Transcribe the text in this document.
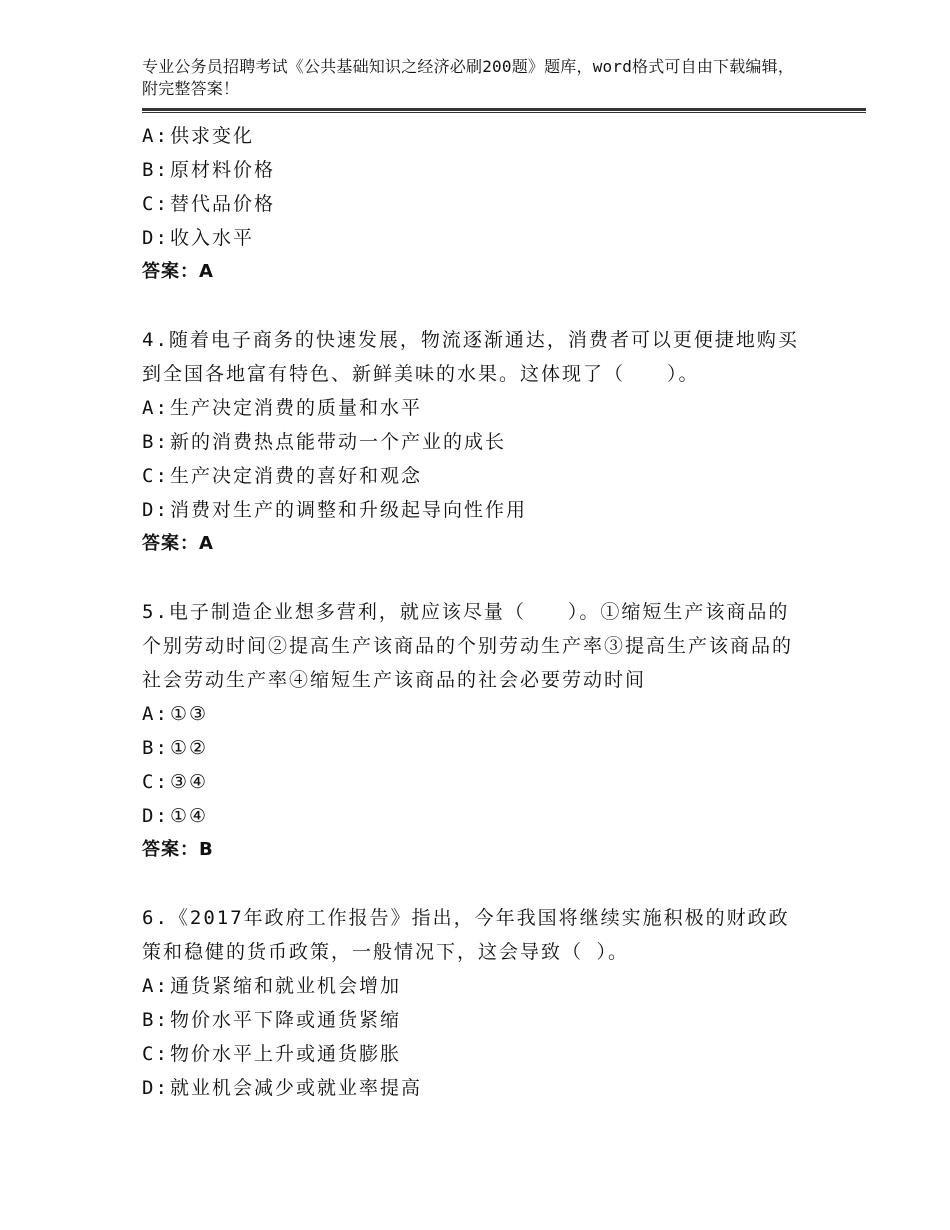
专业公务员招聘考试《公共基础知识之经济必刷200题》题库，word格式可自由下载编辑，附完整答案！
A:供求变化
B:原材料价格
C:替代品价格
D:收入水平
答案：A

4.随着电子商务的快速发展，物流逐渐通达，消费者可以更便捷地购买到全国各地富有特色、新鲜美味的水果。这体现了（　　）。

A:生产决定消费的质量和水平
B:新的消费热点能带动一个产业的成长
C:生产决定消费的喜好和观念
D:消费对生产的调整和升级起导向性作用
答案：A

5.电子制造企业想多营利，就应该尽量（　　）。①缩短生产该商品的个别劳动时间②提高生产该商品的个别劳动生产率③提高生产该商品的社会劳动生产率④缩短生产该商品的社会必要劳动时间

A:①③
B:①②
C:③④
D:①④
答案：B

6.《2017年政府工作报告》指出，今年我国将继续实施积极的财政政策和稳健的货币政策，一般情况下，这会导致（ ）。

A:通货紧缩和就业机会增加
B:物价水平下降或通货紧缩
C:物价水平上升或通货膨胀
D:就业机会减少或就业率提高
